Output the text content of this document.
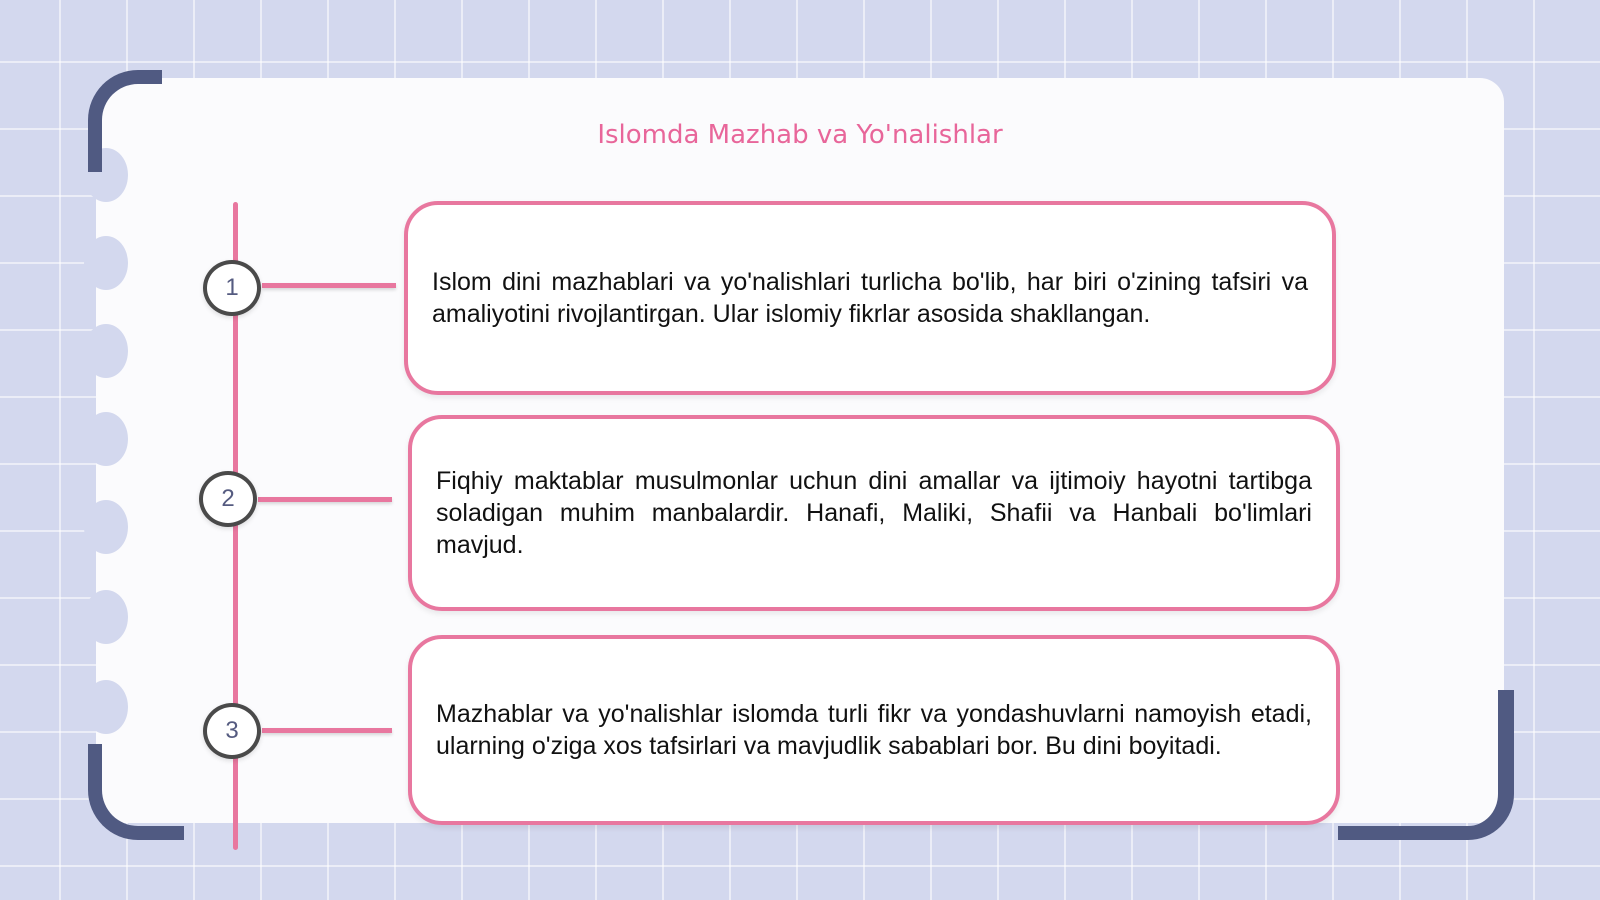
Islomda Mazhab va Yo'nalishlar
1
2
3

Islom dini mazhablari va yo'nalishlari turlicha bo'lib, har biri o'zining tafsiri va amaliyotini rivojlantirgan. Ular islomiy fikrlar asosida shakllangan.

Fiqhiy maktablar musulmonlar uchun dini amallar va ijtimoiy hayotni tartibga soladigan muhim manbalardir. Hanafi, Maliki, Shafii va Hanbali bo'limlari mavjud.

Mazhablar va yo'nalishlar islomda turli fikr va yondashuvlarni namoyish etadi, ularning o'ziga xos tafsirlari va mavjudlik sabablari bor. Bu dini boyitadi.
